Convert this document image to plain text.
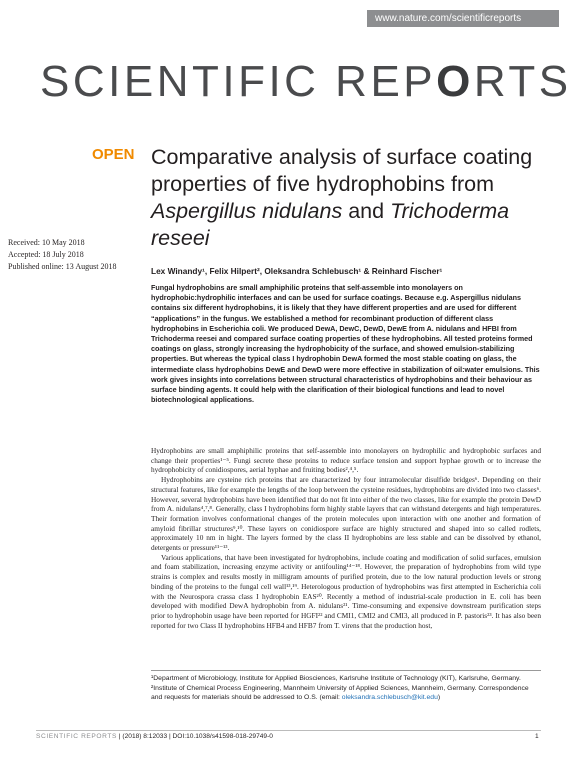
www.nature.com/scientificreports
SCIENTIFIC REPORTS
OPEN Comparative analysis of surface coating properties of five hydrophobins from Aspergillus nidulans and Trichoderma reseei
Received: 10 May 2018
Accepted: 18 July 2018
Published online: 13 August 2018	Lex Winandy¹, Felix Hilpert², Oleksandra Schlebusch¹ & Reinhard Fischer¹

Fungal hydrophobins are small amphiphilic proteins that self-assemble into monolayers on hydrophobic:hydrophilic interfaces and can be used for surface coatings. Because e.g. Aspergillus nidulans contains six different hydrophobins, it is likely that they have different properties and are used for different “applications” in the fungus. We established a method for recombinant production of different class hydrophobins in Escherichia coli. We produced DewA, DewC, DewD, DewE from A. nidulans and HFBI from Trichoderma reesei and compared surface coating properties of these hydrophobins. All tested proteins formed coatings on glass, strongly increasing the hydrophobicity of the surface, and showed emulsion-stabilizing properties. But whereas the typical class I hydrophobin DewA formed the most stable coating on glass, the intermediate class hydrophobins DewE and DewD were more effective in stabilization of oil:water emulsions. This work gives insights into correlations between structural characteristics of hydrophobins and their behaviour as surface binding agents. It could help with the clarification of their biological functions and lead to novel biotechnological applications.

Hydrophobins are small amphiphilic proteins that self-assemble into monolayers on hydrophilic and hydrophobic surfaces and change their properties¹⁻⁵. Fungi secrete these proteins to reduce surface tension and support hyphae growth or to increase the hydrophobicity of conidiospores, aerial hyphae and fruiting bodies²,⁴,⁵.

Hydrophobins are cysteine rich proteins that are characterized by four intramolecular disulfide bridges⁶. Depending on their structural features, like for example the lengths of the loop between the cysteine residues, hydrophobins are divided into two classes⁶. However, several hydrophobins have been identified that do not fit into either of the two classes, like for example the protein DewD from A. nidulans⁴,⁷,⁸. Generally, class I hydrophobins form highly stable layers that can withstand detergents and high temperatures. Their formation involves conformational changes of the protein molecules upon interaction with one another and formation of amyloid fibrillar structures⁹,¹⁰. These layers on conidiospore surface are highly structured and shaped into so called rodlets, approximately 10 nm in hight. The layers formed by the class II hydrophobins are less stable and can be dissolved by ethanol, detergents or pressure¹¹⁻¹³.

Various applications, that have been investigated for hydrophobins, include coating and modification of solid surfaces, emulsion and foam stabilization, increasing enzyme activity or antifouling¹⁴⁻¹⁸. However, the preparation of hydrophobins from wild type strains is complex and results mostly in milligram amounts of purified protein, due to the low natural production levels or strong binding of the proteins to the fungal cell wall¹³,¹⁹. Heterologous production of hydrophobins was first attempted in Escherichia coli with the Neurospora crassa class I hydrophobin EAS²⁰. Recently a method of industrial-scale production in E. coli has been developed with modified DewA hydrophobin from A. nidulans²¹. Time-consuming and expensive downstream purification steps prior to hydrophobin usage have been reported for HGFI²² and CMI1, CMI2 and CMI3, all produced in P. pastoris²³. It has also been reported for two Class II hydrophobins HFB4 and HFB7 from T. virens that the production host,

¹Department of Microbiology, Institute for Applied Biosciences, Karlsruhe Institute of Technology (KIT), Karlsruhe, Germany. ²Institute of Chemical Process Engineering, Mannheim University of Applied Sciences, Mannheim, Germany. Correspondence and requests for materials should be addressed to O.S. (email: oleksandra.schlebusch@kit.edu)

SCIENTIFIC REPORTS | (2018) 8:12033 | DOI:10.1038/s41598-018-29749-0	1
